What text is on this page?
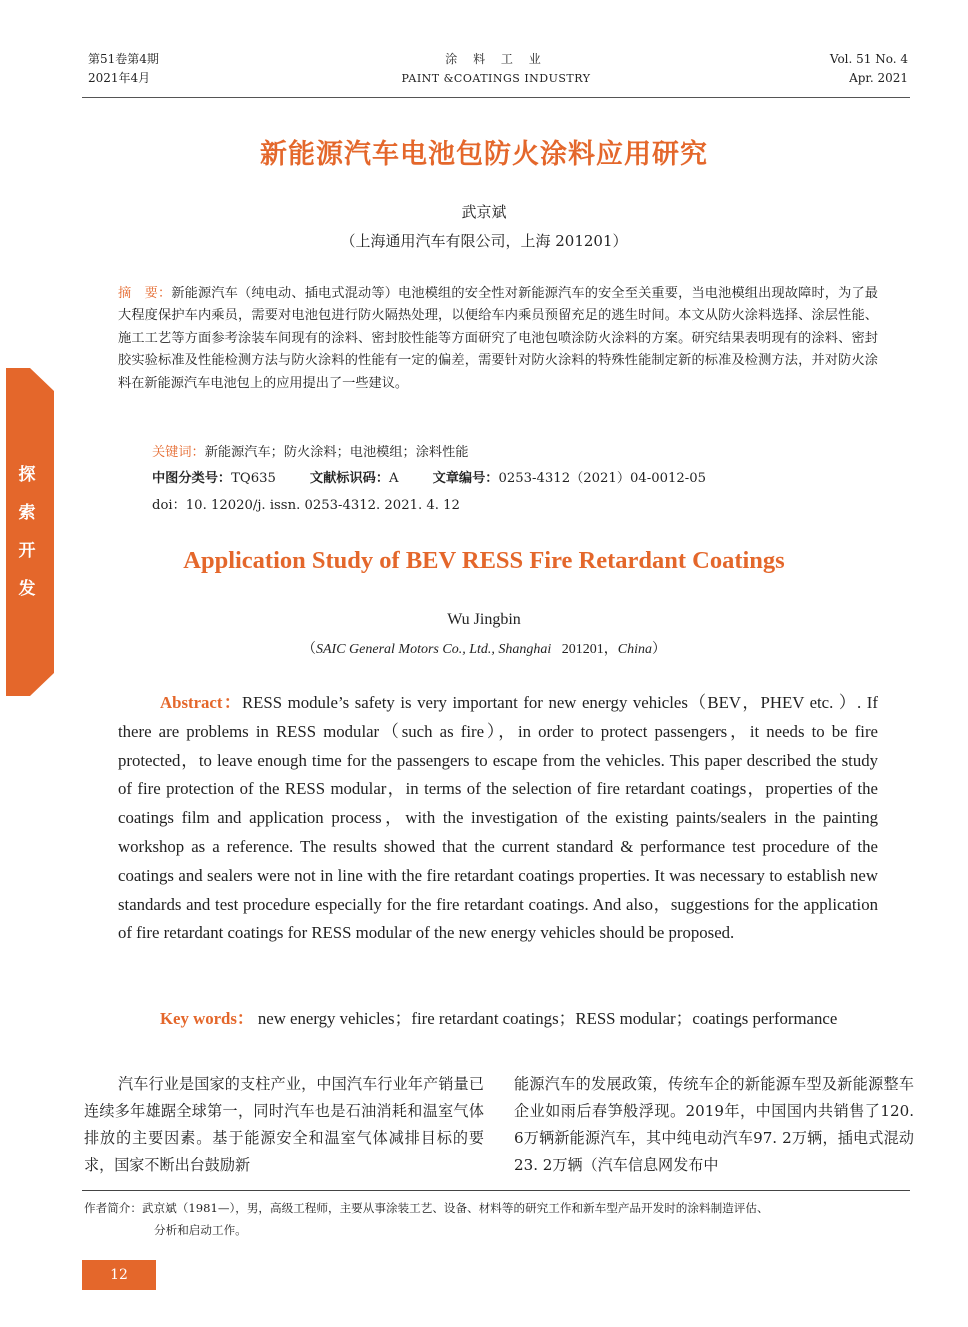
第51卷第4期
2021年4月
涂 料 工 业
PAINT &COATINGS INDUSTRY
Vol. 51 No. 4
Apr. 2021
探
索
开
发
新能源汽车电池包防火涂料应用研究
武京斌
（上海通用汽车有限公司，上海 201201）

摘　要：新能源汽车（纯电动、插电式混动等）电池模组的安全性对新能源汽车的安全至关重要，当电池模组出现故障时，为了最大程度保护车内乘员，需要对电池包进行防火隔热处理，以便给车内乘员预留充足的逃生时间。本文从防火涂料选择、涂层性能、施工工艺等方面参考涂装车间现有的涂料、密封胶性能等方面研究了电池包喷涂防火涂料的方案。研究结果表明现有的涂料、密封胶实验标准及性能检测方法与防火涂料的性能有一定的偏差，需要针对防火涂料的特殊性能制定新的标准及检测方法，并对防火涂料在新能源汽车电池包上的应用提出了一些建议。

关键词：新能源汽车；防火涂料；电池模组；涂料性能
中图分类号：TQ635	文献标识码：A	文章编号：0253-4312（2021）04-0012-05
doi：10. 12020/j. issn. 0253-4312. 2021. 4. 12
Application Study of BEV RESS Fire Retardant Coatings
Wu Jingbin
（SAIC General Motors Co., Ltd., Shanghai 201201，China）

Abstract：RESS module’s safety is very important for new energy vehicles（BEV，PHEV etc. ）. If there are problems in RESS modular（such as fire），in order to protect passengers，it needs to be fire protected，to leave enough time for the passengers to escape from the vehicles. This paper described the study of fire protection of the RESS modular，in terms of the selection of fire retardant coatings，properties of the coatings film and application process，with the investigation of the existing paints/sealers in the painting workshop as a reference. The results showed that the current standard & performance test procedure of the coatings and sealers were not in line with the fire retardant coatings properties. It was necessary to establish new standards and test procedure especially for the fire retardant coatings. And also，suggestions for the application of fire retardant coatings for RESS modular of the new energy vehicles should be proposed.

Key words： new energy vehicles；fire retardant coatings；RESS modular；coatings performance

汽车行业是国家的支柱产业，中国汽车行业年产销量已连续多年雄踞全球第一，同时汽车也是石油消耗和温室气体排放的主要因素。基于能源安全和温室气体减排目标的要求，国家不断出台鼓励新

能源汽车的发展政策，传统车企的新能源车型及新能源整车企业如雨后春笋般浮现。2019年，中国国内共销售了120. 6万辆新能源汽车，其中纯电动汽车97. 2万辆，插电式混动23. 2万辆（汽车信息网发布中

作者简介：武京斌（1981—），男，高级工程师，主要从事涂装工艺、设备、材料等的研究工作和新车型产品开发时的涂料制造评估、
分析和启动工作。
12
